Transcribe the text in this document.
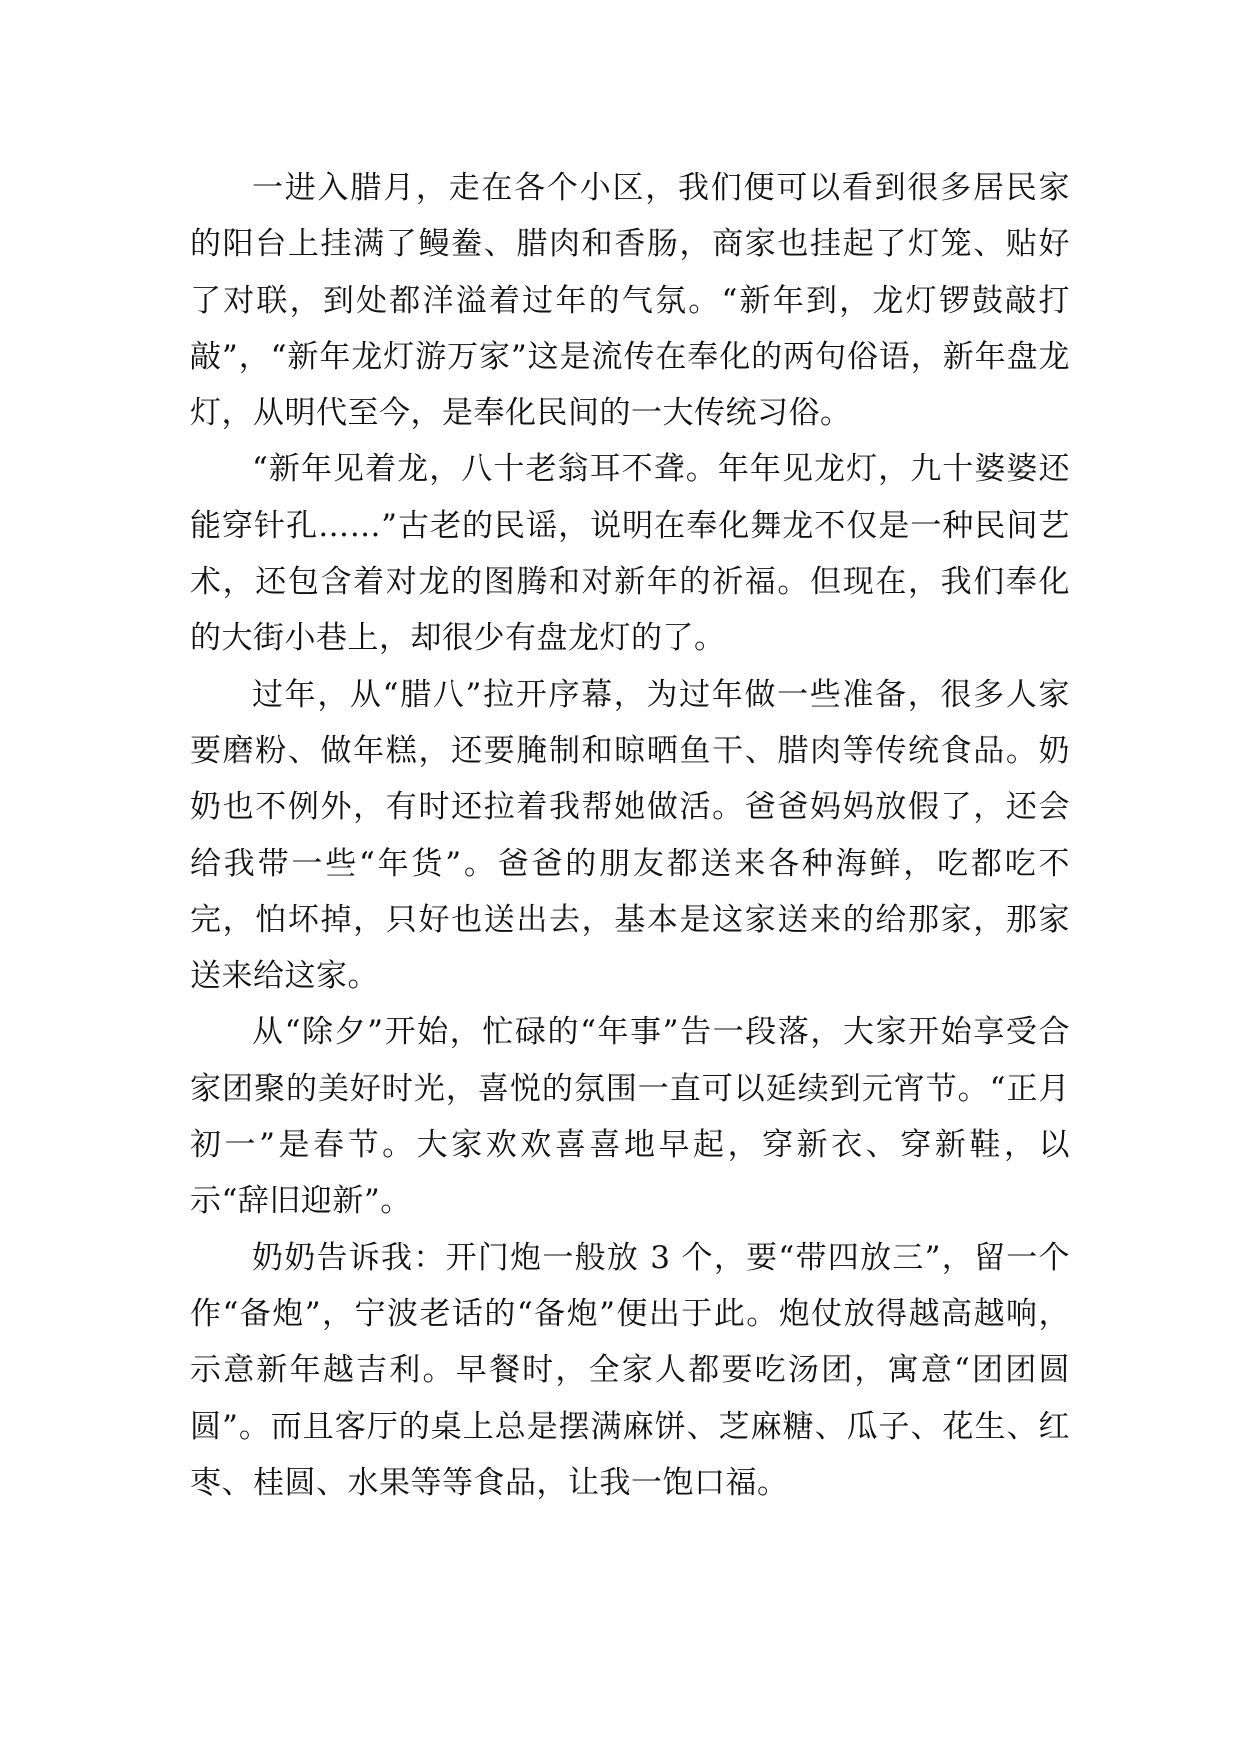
一进入腊月，走在各个小区，我们便可以看到很多居民家的阳台上挂满了鳗鲞、腊肉和香肠，商家也挂起了灯笼、贴好了对联，到处都洋溢着过年的气氛。“新年到，龙灯锣鼓敲打敲”，“新年龙灯游万家”这是流传在奉化的两句俗语，新年盘龙灯，从明代至今，是奉化民间的一大传统习俗。

“新年见着龙，八十老翁耳不聋。年年见龙灯，九十婆婆还能穿针孔……”古老的民谣，说明在奉化舞龙不仅是一种民间艺术，还包含着对龙的图腾和对新年的祈福。但现在，我们奉化的大街小巷上，却很少有盘龙灯的了。

过年，从“腊八”拉开序幕，为过年做一些准备，很多人家要磨粉、做年糕，还要腌制和晾晒鱼干、腊肉等传统食品。奶奶也不例外，有时还拉着我帮她做活。爸爸妈妈放假了，还会给我带一些“年货”。爸爸的朋友都送来各种海鲜，吃都吃不完，怕坏掉，只好也送出去，基本是这家送来的给那家，那家送来给这家。

从“除夕”开始，忙碌的“年事”告一段落，大家开始享受合家团聚的美好时光，喜悦的氛围一直可以延续到元宵节。“正月初一”是春节。大家欢欢喜喜地早起，穿新衣、穿新鞋，以示“辞旧迎新”。

奶奶告诉我：开门炮一般放 3 个，要“带四放三”，留一个作“备炮”，宁波老话的“备炮”便出于此。炮仗放得越高越响，示意新年越吉利。早餐时，全家人都要吃汤团，寓意“团团圆圆”。而且客厅的桌上总是摆满麻饼、芝麻糖、瓜子、花生、红枣、桂圆、水果等等食品，让我一饱口福。
